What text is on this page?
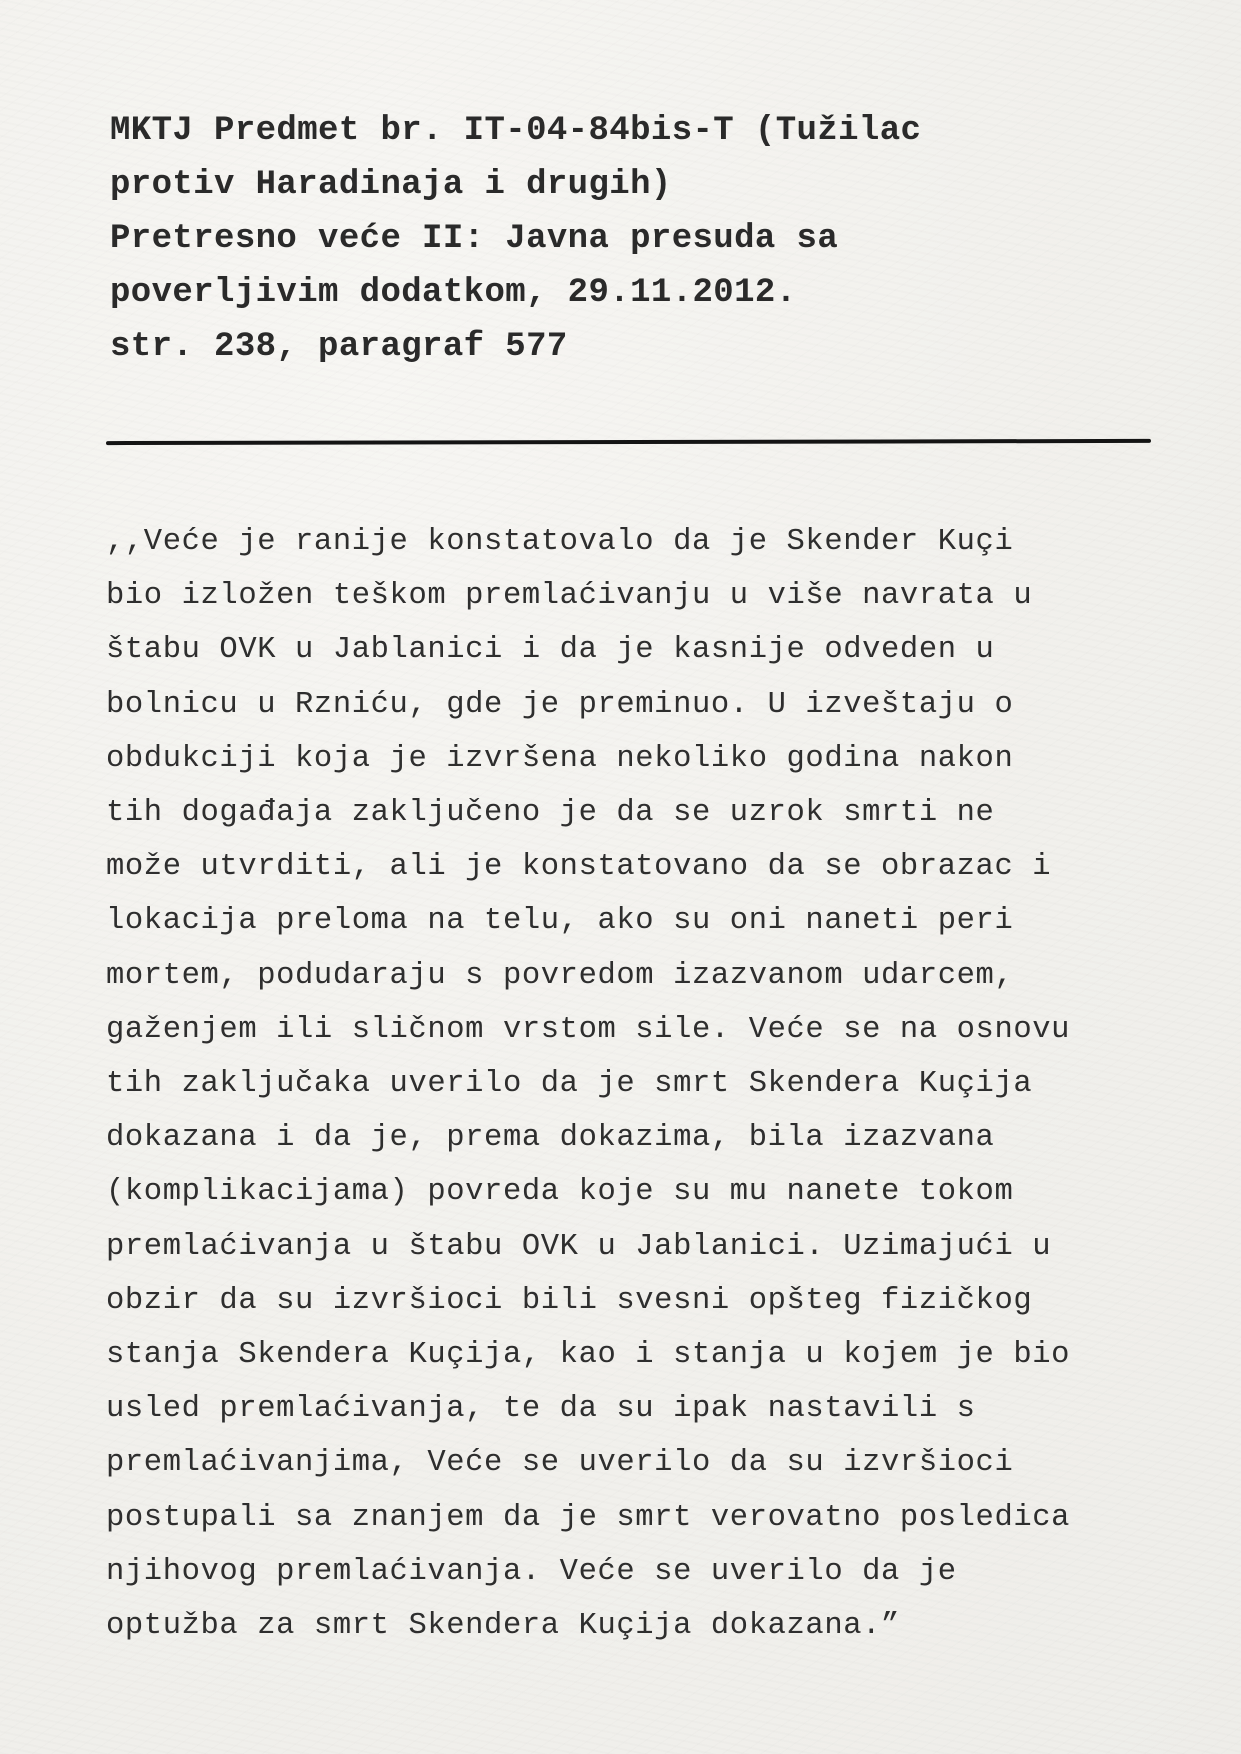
MKTJ Predmet br. IT-04-84bis-T (Tužilac
protiv Haradinaja i drugih)
Pretresno veće II: Javna presuda sa
poverljivim dodatkom, 29.11.2012.
str. 238, paragraf 577
,,Veće je ranije konstatovalo da je Skender Kuçi
bio izložen teškom premlaćivanju u više navrata u
štabu OVK u Jablanici i da je kasnije odveden u
bolnicu u Rzniću, gde je preminuo. U izveštaju o
obdukciji koja je izvršena nekoliko godina nakon
tih događaja zaključeno je da se uzrok smrti ne
može utvrditi, ali je konstatovano da se obrazac i
lokacija preloma na telu, ako su oni naneti peri
mortem, podudaraju s povredom izazvanom udarcem,
gaženjem ili sličnom vrstom sile. Veće se na osnovu
tih zaključaka uverilo da je smrt Skendera Kuçija
dokazana i da je, prema dokazima, bila izazvana
(komplikacijama) povreda koje su mu nanete tokom
premlaćivanja u štabu OVK u Jablanici. Uzimajući u
obzir da su izvršioci bili svesni opšteg fizičkog
stanja Skendera Kuçija, kao i stanja u kojem je bio
usled premlaćivanja, te da su ipak nastavili s
premlaćivanjima, Veće se uverilo da su izvršioci
postupali sa znanjem da je smrt verovatno posledica
njihovog premlaćivanja. Veće se uverilo da je
optužba za smrt Skendera Kuçija dokazana.”
